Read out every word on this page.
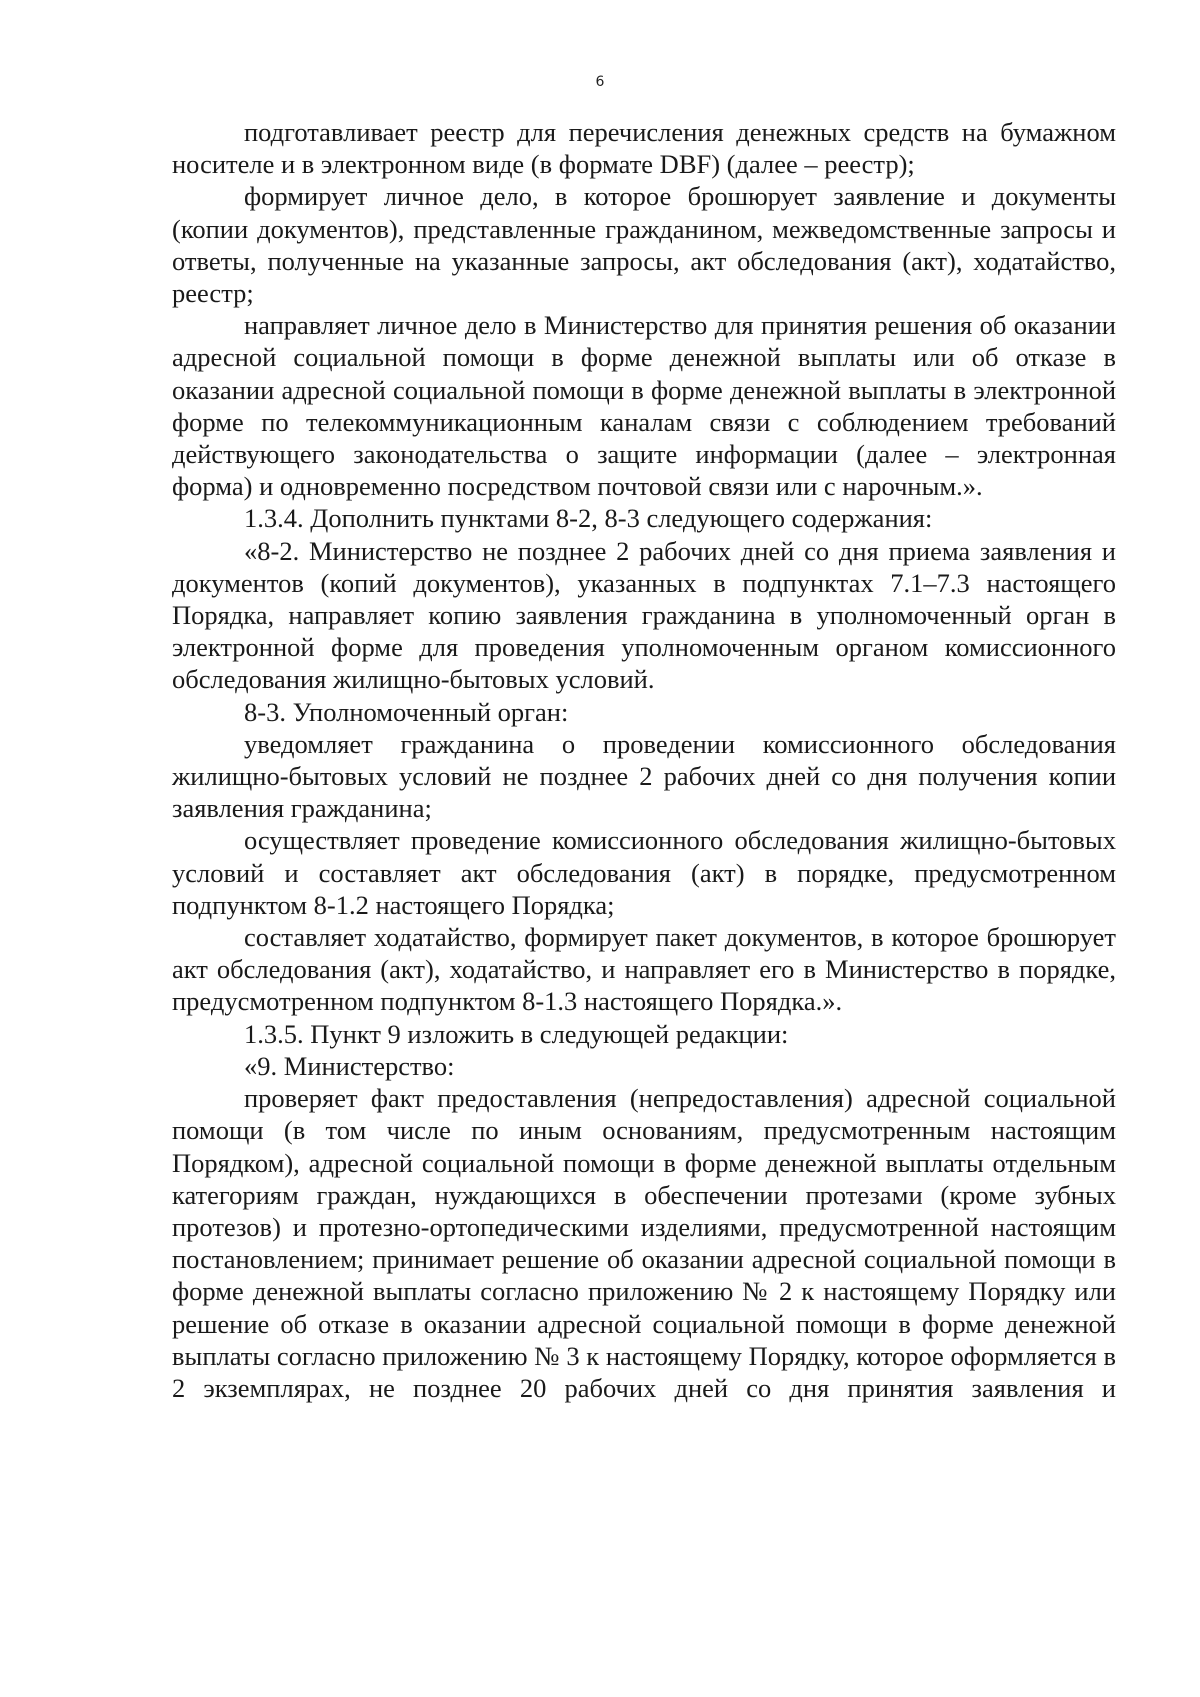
6

подготавливает реестр для перечисления денежных средств на бумажном носителе и в электронном виде (в формате DBF) (далее – реестр);

формирует личное дело, в которое брошюрует заявление и документы (копии документов), представленные гражданином, межведомственные запросы и ответы, полученные на указанные запросы, акт обследования (акт), ходатайство, реестр;

направляет личное дело в Министерство для принятия решения об оказании адресной социальной помощи в форме денежной выплаты или об отказе в оказании адресной социальной помощи в форме денежной выплаты в электронной форме по телекоммуникационным каналам связи с соблюдением требований действующего законодательства о защите информации (далее – электронная форма) и одновременно посредством почтовой связи или с нарочным.».

1.3.4. Дополнить пунктами 8-2, 8-3 следующего содержания:

«8-2. Министерство не позднее 2 рабочих дней со дня приема заявления и документов (копий документов), указанных в подпунктах 7.1–7.3 настоящего Порядка, направляет копию заявления гражданина в уполномоченный орган в электронной форме для проведения уполномоченным органом комиссионного обследования жилищно-бытовых условий.

8-3. Уполномоченный орган:

уведомляет гражданина о проведении комиссионного обследования жилищно-бытовых условий не позднее 2 рабочих дней со дня получения копии заявления гражданина;

осуществляет проведение комиссионного обследования жилищно-бытовых условий и составляет акт обследования (акт) в порядке, предусмотренном подпунктом 8-1.2 настоящего Порядка;

составляет ходатайство, формирует пакет документов, в которое брошюрует акт обследования (акт), ходатайство, и направляет его в Министерство в порядке, предусмотренном подпунктом 8-1.3 настоящего Порядка.».

1.3.5. Пункт 9 изложить в следующей редакции:

«9. Министерство:

проверяет факт предоставления (непредоставления) адресной социальной помощи (в том числе по иным основаниям, предусмотренным настоящим Порядком), адресной социальной помощи в форме денежной выплаты отдельным категориям граждан, нуждающихся в обеспечении протезами (кроме зубных протезов) и протезно-ортопедическими изделиями, предусмотренной настоящим постановлением; принимает решение об оказании адресной социальной помощи в форме денежной выплаты согласно приложению № 2 к настоящему Порядку или решение об отказе в оказании адресной социальной помощи в форме денежной выплаты согласно приложению № 3 к настоящему Порядку, которое оформляется в 2 экземплярах, не позднее 20 рабочих дней со дня принятия заявления и
